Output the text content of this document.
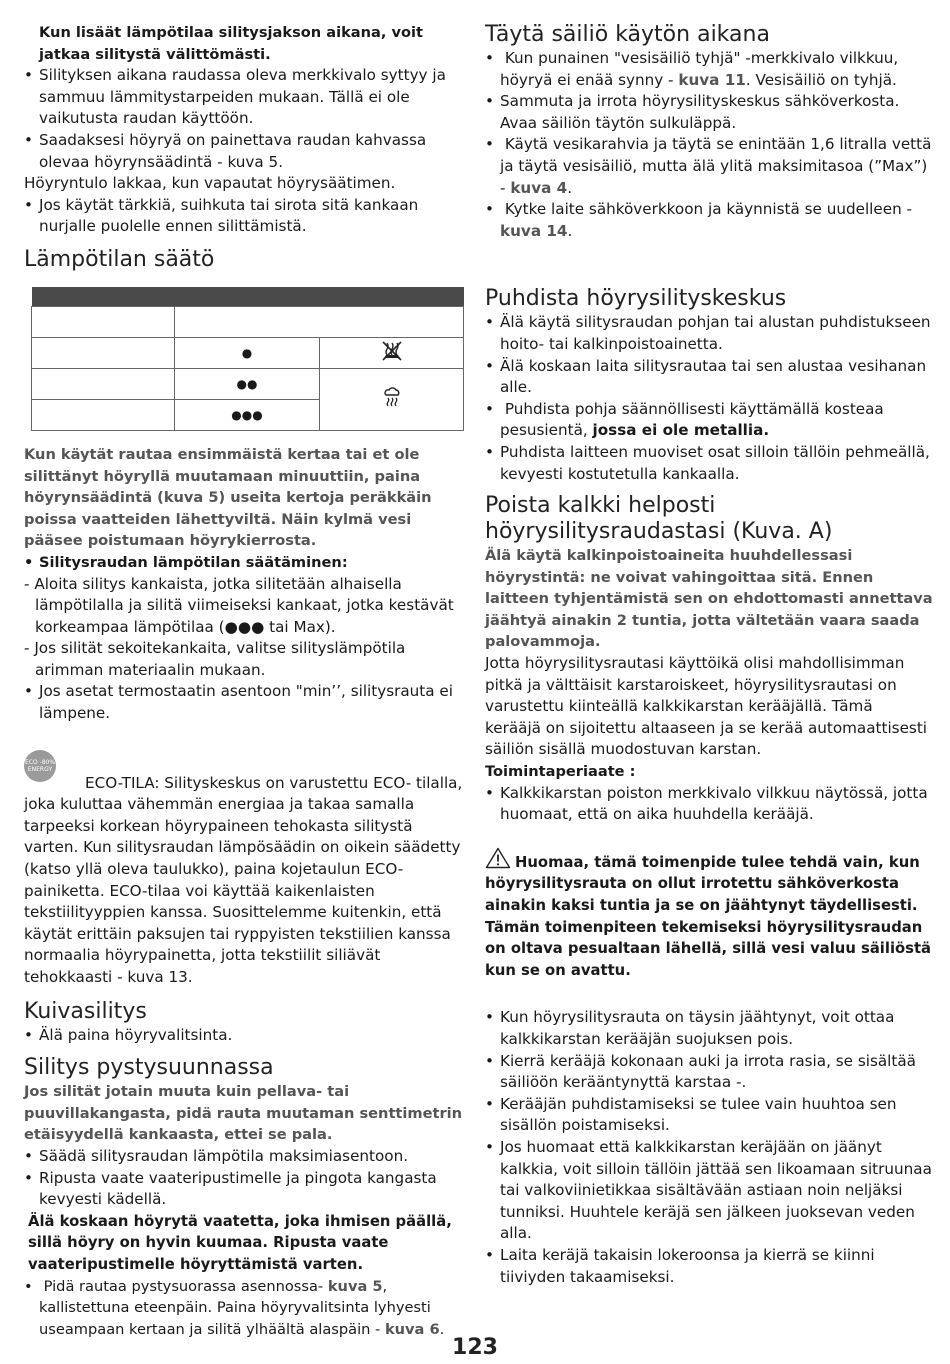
Kun lisäät lämpötilaa silitysjakson aikana, voit jatkaa silitystä välittömästi.

• Silityksen aikana raudassa oleva merkkivalo syttyy ja sammuu lämmitystarpeiden mukaan. Tällä ei ole vaikutusta raudan käyttöön.

• Saadaksesi höyryä on painettava raudan kahvassa olevaa höyrynsäädintä - kuva 5.

Höyryntulo lakkaa, kun vapautat höyrysäätimen.

• Jos käytät tärkkiä, suihkuta tai sirota sitä kankaan nurjalle puolelle ennen silittämistä.

Lämpötilan säätö

	●	
	●●	
	●●●	

Kun käytät rautaa ensimmäistä kertaa tai et ole silittänyt höyryllä muutamaan minuuttiin, paina höyrynsäädintä (kuva 5) useita kertoja peräkkäin poissa vaatteiden lähettyviltä. Näin kylmä vesi pääsee poistumaan höyrykierrosta.

• Silitysraudan lämpötilan säätäminen:

- Aloita silitys kankaista, jotka silitetään alhaisella lämpötilalla ja silitä viimeiseksi kankaat, jotka kestävät korkeampaa lämpötilaa (●●● tai Max).

- Jos silität sekoitekankaita, valitse silityslämpötila arimman materiaalin mukaan.

• Jos asetat termostaatin asentoon "min’’, silitysrauta ei lämpene.

ECO -80%
ENERGY

ECO-TILA: Silityskeskus on varustettu ECO- tilalla, joka kuluttaa vähemmän energiaa ja takaa samalla tarpeeksi korkean höyrypaineen tehokasta silitystä varten. Kun silitysraudan lämpösäädin on oikein säädetty (katso yllä oleva taulukko), paina kojetaulun ECO-painiketta. ECO-tilaa voi käyttää kaikenlaisten tekstiilityyppien kanssa. Suosittelemme kuitenkin, että käytät erittäin paksujen tai ryppyisten tekstiilien kanssa normaalia höyrypainetta, jotta tekstiilit siliävät tehokkaasti - kuva 13.

Kuivasilitys

• Älä paina höyryvalitsinta.

Silitys pystysuunnassa

Jos silität jotain muuta kuin pellava- tai puuvillakangasta, pidä rauta muutaman senttimetrin etäisyydellä kankaasta, ettei se pala.

• Säädä silitysraudan lämpötila maksimiasentoon.

• Ripusta vaate vaateripustimelle ja pingota kangasta kevyesti kädellä.

Älä koskaan höyrytä vaatetta, joka ihmisen päällä, sillä höyry on hyvin kuumaa. Ripusta vaate vaateripustimelle höyryttämistä varten.

• Pidä rautaa pystysuorassa asennossa- kuva 5, kallistettuna eteenpäin. Paina höyryvalitsinta lyhyesti useampaan kertaan ja silitä ylhäältä alaspäin - kuva 6.

Täytä säiliö käytön aikana

• Kun punainen "vesisäiliö tyhjä" -merkkivalo vilkkuu, höyryä ei enää synny - kuva 11. Vesisäiliö on tyhjä.

• Sammuta ja irrota höyrysilityskeskus sähköverkosta. Avaa säiliön täytön sulkuläppä.

• Käytä vesikarahvia ja täytä se enintään 1,6 litralla vettä ja täytä vesisäiliö, mutta älä ylitä maksimitasoa (”Max”) - kuva 4.

• Kytke laite sähköverkkoon ja käynnistä se uudelleen - kuva 14.

Puhdista höyrysilityskeskus

• Älä käytä silitysraudan pohjan tai alustan puhdistukseen hoito- tai kalkinpoistoainetta.

• Älä koskaan laita silitysrautaa tai sen alustaa vesihanan alle.

• Puhdista pohja säännöllisesti käyttämällä kosteaa pesusientä, jossa ei ole metallia.

• Puhdista laitteen muoviset osat silloin tällöin pehmeällä, kevyesti kostutetulla kankaalla.

Poista kalkki helposti höyrysilitysraudastasi (Kuva. A)

Älä käytä kalkinpoistoaineita huuhdellessasi höyrystintä: ne voivat vahingoittaa sitä. Ennen laitteen tyhjentämistä sen on ehdottomasti annettava jäähtyä ainakin 2 tuntia, jotta vältetään vaara saada palovammoja.

Jotta höyrysilitysrautasi käyttöikä olisi mahdollisimman pitkä ja välttäisit karstaroiskeet, höyrysilitysrautasi on varustettu kiinteällä kalkkikarstan kerääjällä. Tämä kerääjä on sijoitettu altaaseen ja se kerää automaattisesti säiliön sisällä muodostuvan karstan.

Toimintaperiaate :

• Kalkkikarstan poiston merkkivalo vilkkuu näytössä, jotta huomaat, että on aika huuhdella kerääjä.

Huomaa, tämä toimenpide tulee tehdä vain, kun höyrysilitysrauta on ollut irrotettu sähköverkosta ainakin kaksi tuntia ja se on jäähtynyt täydellisesti. Tämän toimenpiteen tekemiseksi höyrysilitysraudan on oltava pesualtaan lähellä, sillä vesi valuu säiliöstä kun se on avattu.

• Kun höyrysilitysrauta on täysin jäähtynyt, voit ottaa kalkkikarstan kerääjän suojuksen pois.

• Kierrä kerääjä kokonaan auki ja irrota rasia, se sisältää säiliöön kerääntynyttä karstaa -.

• Kerääjän puhdistamiseksi se tulee vain huuhtoa sen sisällön poistamiseksi.

• Jos huomaat että kalkkikarstan keräjään on jäänyt kalkkia, voit silloin tällöin jättää sen likoamaan sitruunaa tai valkoviinietikkaa sisältävään astiaan noin neljäksi tunniksi. Huuhtele keräjä sen jälkeen juoksevan veden alla.

• Laita keräjä takaisin lokeroonsa ja kierrä se kiinni tiiviyden takaamiseksi.

123
